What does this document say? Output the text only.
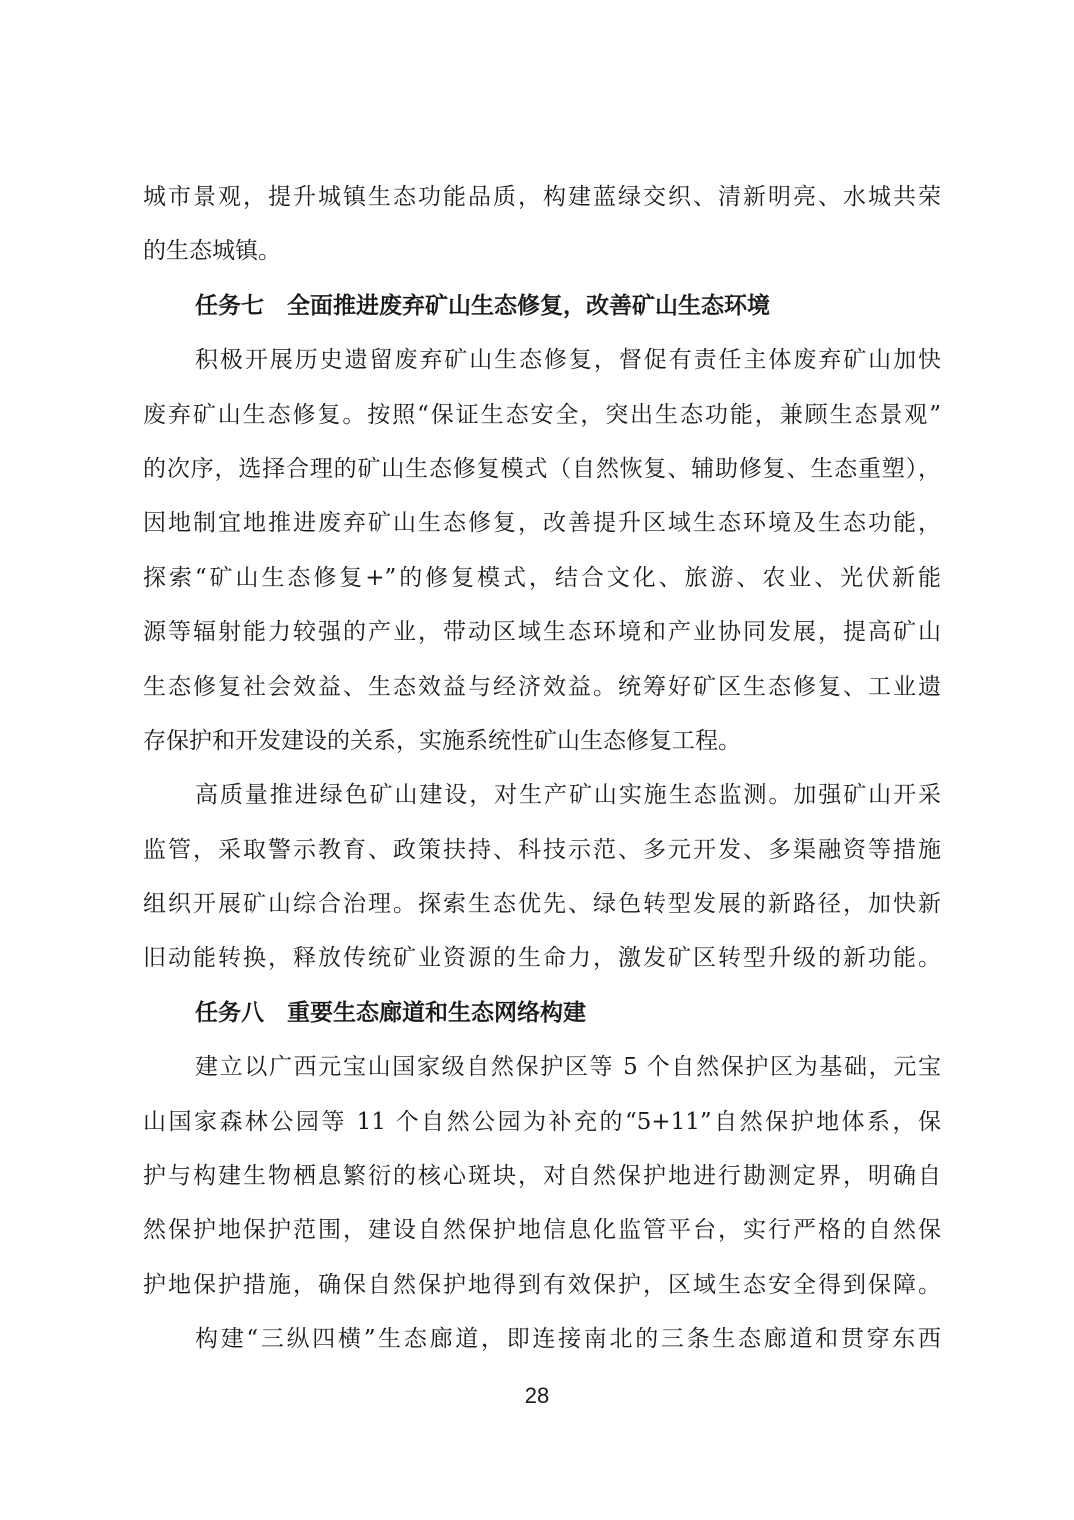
城市景观，提升城镇生态功能品质，构建蓝绿交织、清新明亮、水城共荣
的生态城镇。
任务七　全面推进废弃矿山生态修复，改善矿山生态环境
积极开展历史遗留废弃矿山生态修复，督促有责任主体废弃矿山加快
废弃矿山生态修复。按照“保证生态安全，突出生态功能，兼顾生态景观”
的次序，选择合理的矿山生态修复模式（自然恢复、辅助修复、生态重塑），
因地制宜地推进废弃矿山生态修复，改善提升区域生态环境及生态功能，
探索“矿山生态修复+”的修复模式，结合文化、旅游、农业、光伏新能
源等辐射能力较强的产业，带动区域生态环境和产业协同发展，提高矿山
生态修复社会效益、生态效益与经济效益。统筹好矿区生态修复、工业遗
存保护和开发建设的关系，实施系统性矿山生态修复工程。
高质量推进绿色矿山建设，对生产矿山实施生态监测。加强矿山开采
监管，采取警示教育、政策扶持、科技示范、多元开发、多渠融资等措施
组织开展矿山综合治理。探索生态优先、绿色转型发展的新路径，加快新
旧动能转换，释放传统矿业资源的生命力，激发矿区转型升级的新功能。
任务八　重要生态廊道和生态网络构建
建立以广西元宝山国家级自然保护区等 5 个自然保护区为基础，元宝
山国家森林公园等 11 个自然公园为补充的“5+11”自然保护地体系，保
护与构建生物栖息繁衍的核心斑块，对自然保护地进行勘测定界，明确自
然保护地保护范围，建设自然保护地信息化监管平台，实行严格的自然保
护地保护措施，确保自然保护地得到有效保护，区域生态安全得到保障。
构建“三纵四横”生态廊道，即连接南北的三条生态廊道和贯穿东西
28
